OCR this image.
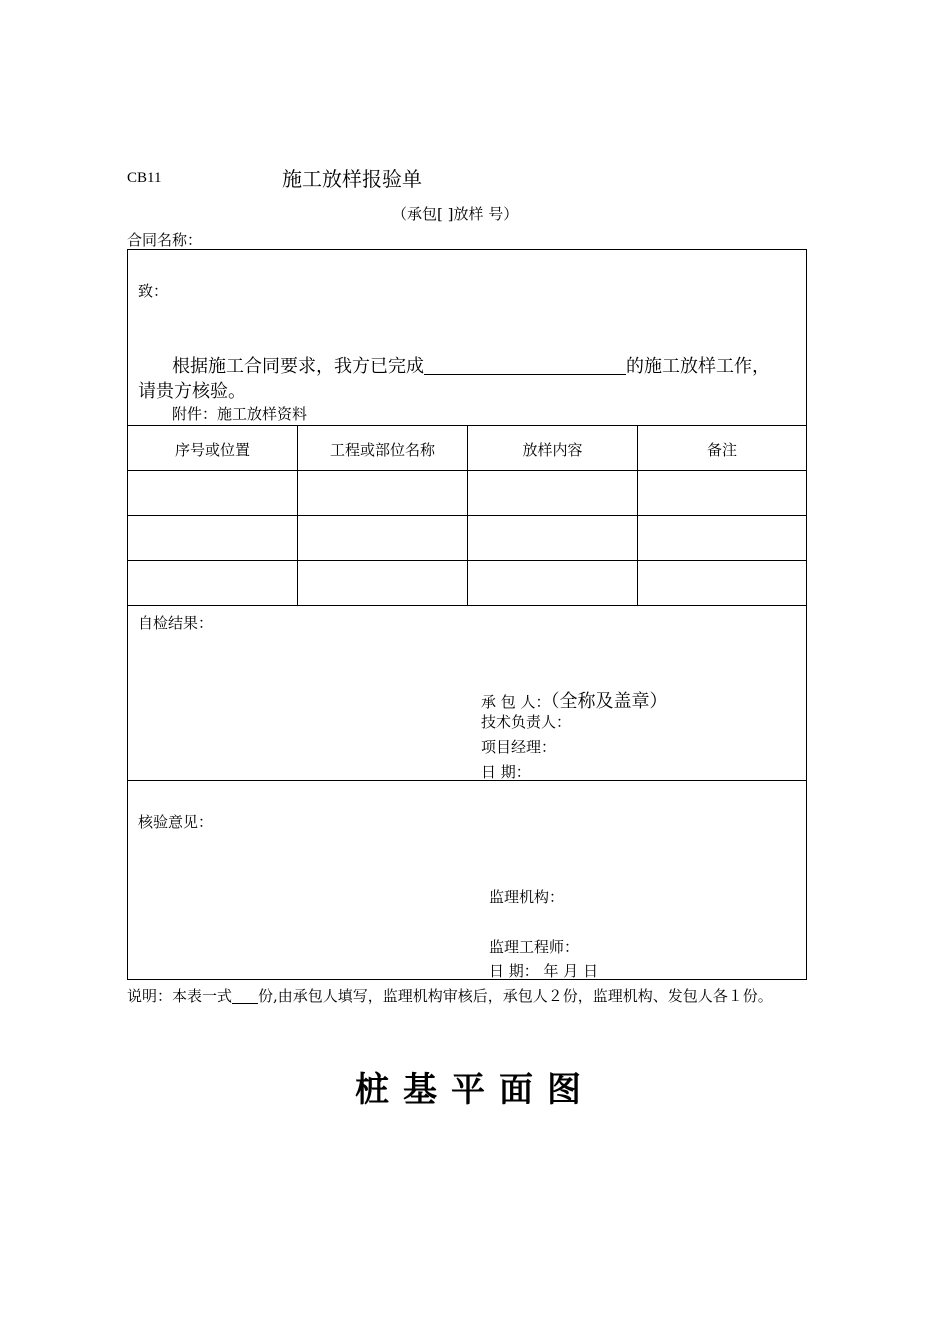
CB11	施工放样报验单
（承包[ ]放样 号）
合同名称：
致：
根据施工合同要求，我方已完成	的施工放样工作，
请贵方核验。
附件：施工放样资料
序号或位置	工程或部位名称	放样内容	备注
自检结果：
承 包 人：（全称及盖章）
技术负责人：
项目经理：
日 期：
核验意见：
监理机构：
监理工程师：
日 期： 年 月 日
说明：本表一式 份,由承包人填写，监理机构审核后，承包人２份，监理机构、发包人各１份。
桩基平面图
